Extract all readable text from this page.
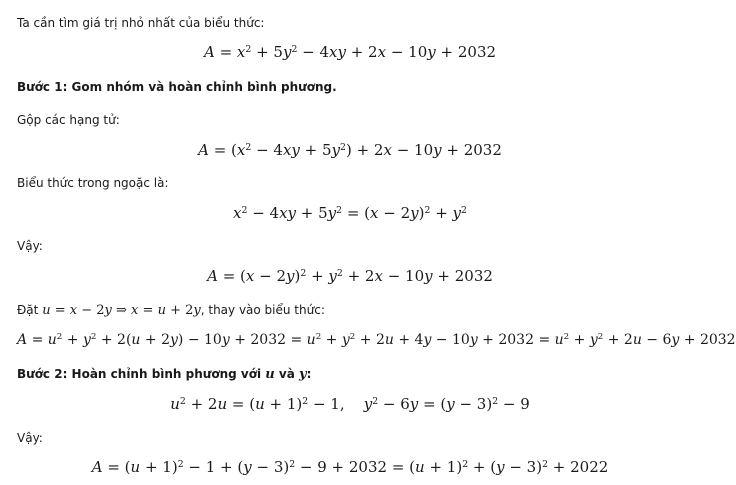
Ta cần tìm giá trị nhỏ nhất của biểu thức:
$A = x^2 + 5y^2 - 4xy + 2x - 10y + 2032$
Bước 1: Gom nhóm và hoàn chỉnh bình phương.
Gộp các hạng tử:
$A = (x^2 - 4xy + 5y^2) + 2x - 10y + 2032$
Biểu thức trong ngoặc là:
$x^2 - 4xy + 5y^2 = (x - 2y)^2 + y^2$
Vậy:
$A = (x - 2y)^2 + y^2 + 2x - 10y + 2032$
Đặt u = x − 2y ⇒ x = u + 2y, thay vào biểu thức:
$A = u^2 + y^2 + 2(u + 2y) - 10y + 2032 = u^2 + y^2 + 2u + 4y - 10y + 2032 = u^2 + y^2 + 2u - 6y + 2032$
Bước 2: Hoàn chỉnh bình phương với u và y:
$u^2 + 2u = (u + 1)^2 - 1$,    $y^2 - 6y = (y - 3)^2 - 9$
Vậy:
$A = (u + 1)^2 - 1 + (y - 3)^2 - 9 + 2032 = (u + 1)^2 + (y - 3)^2 + 2022$
